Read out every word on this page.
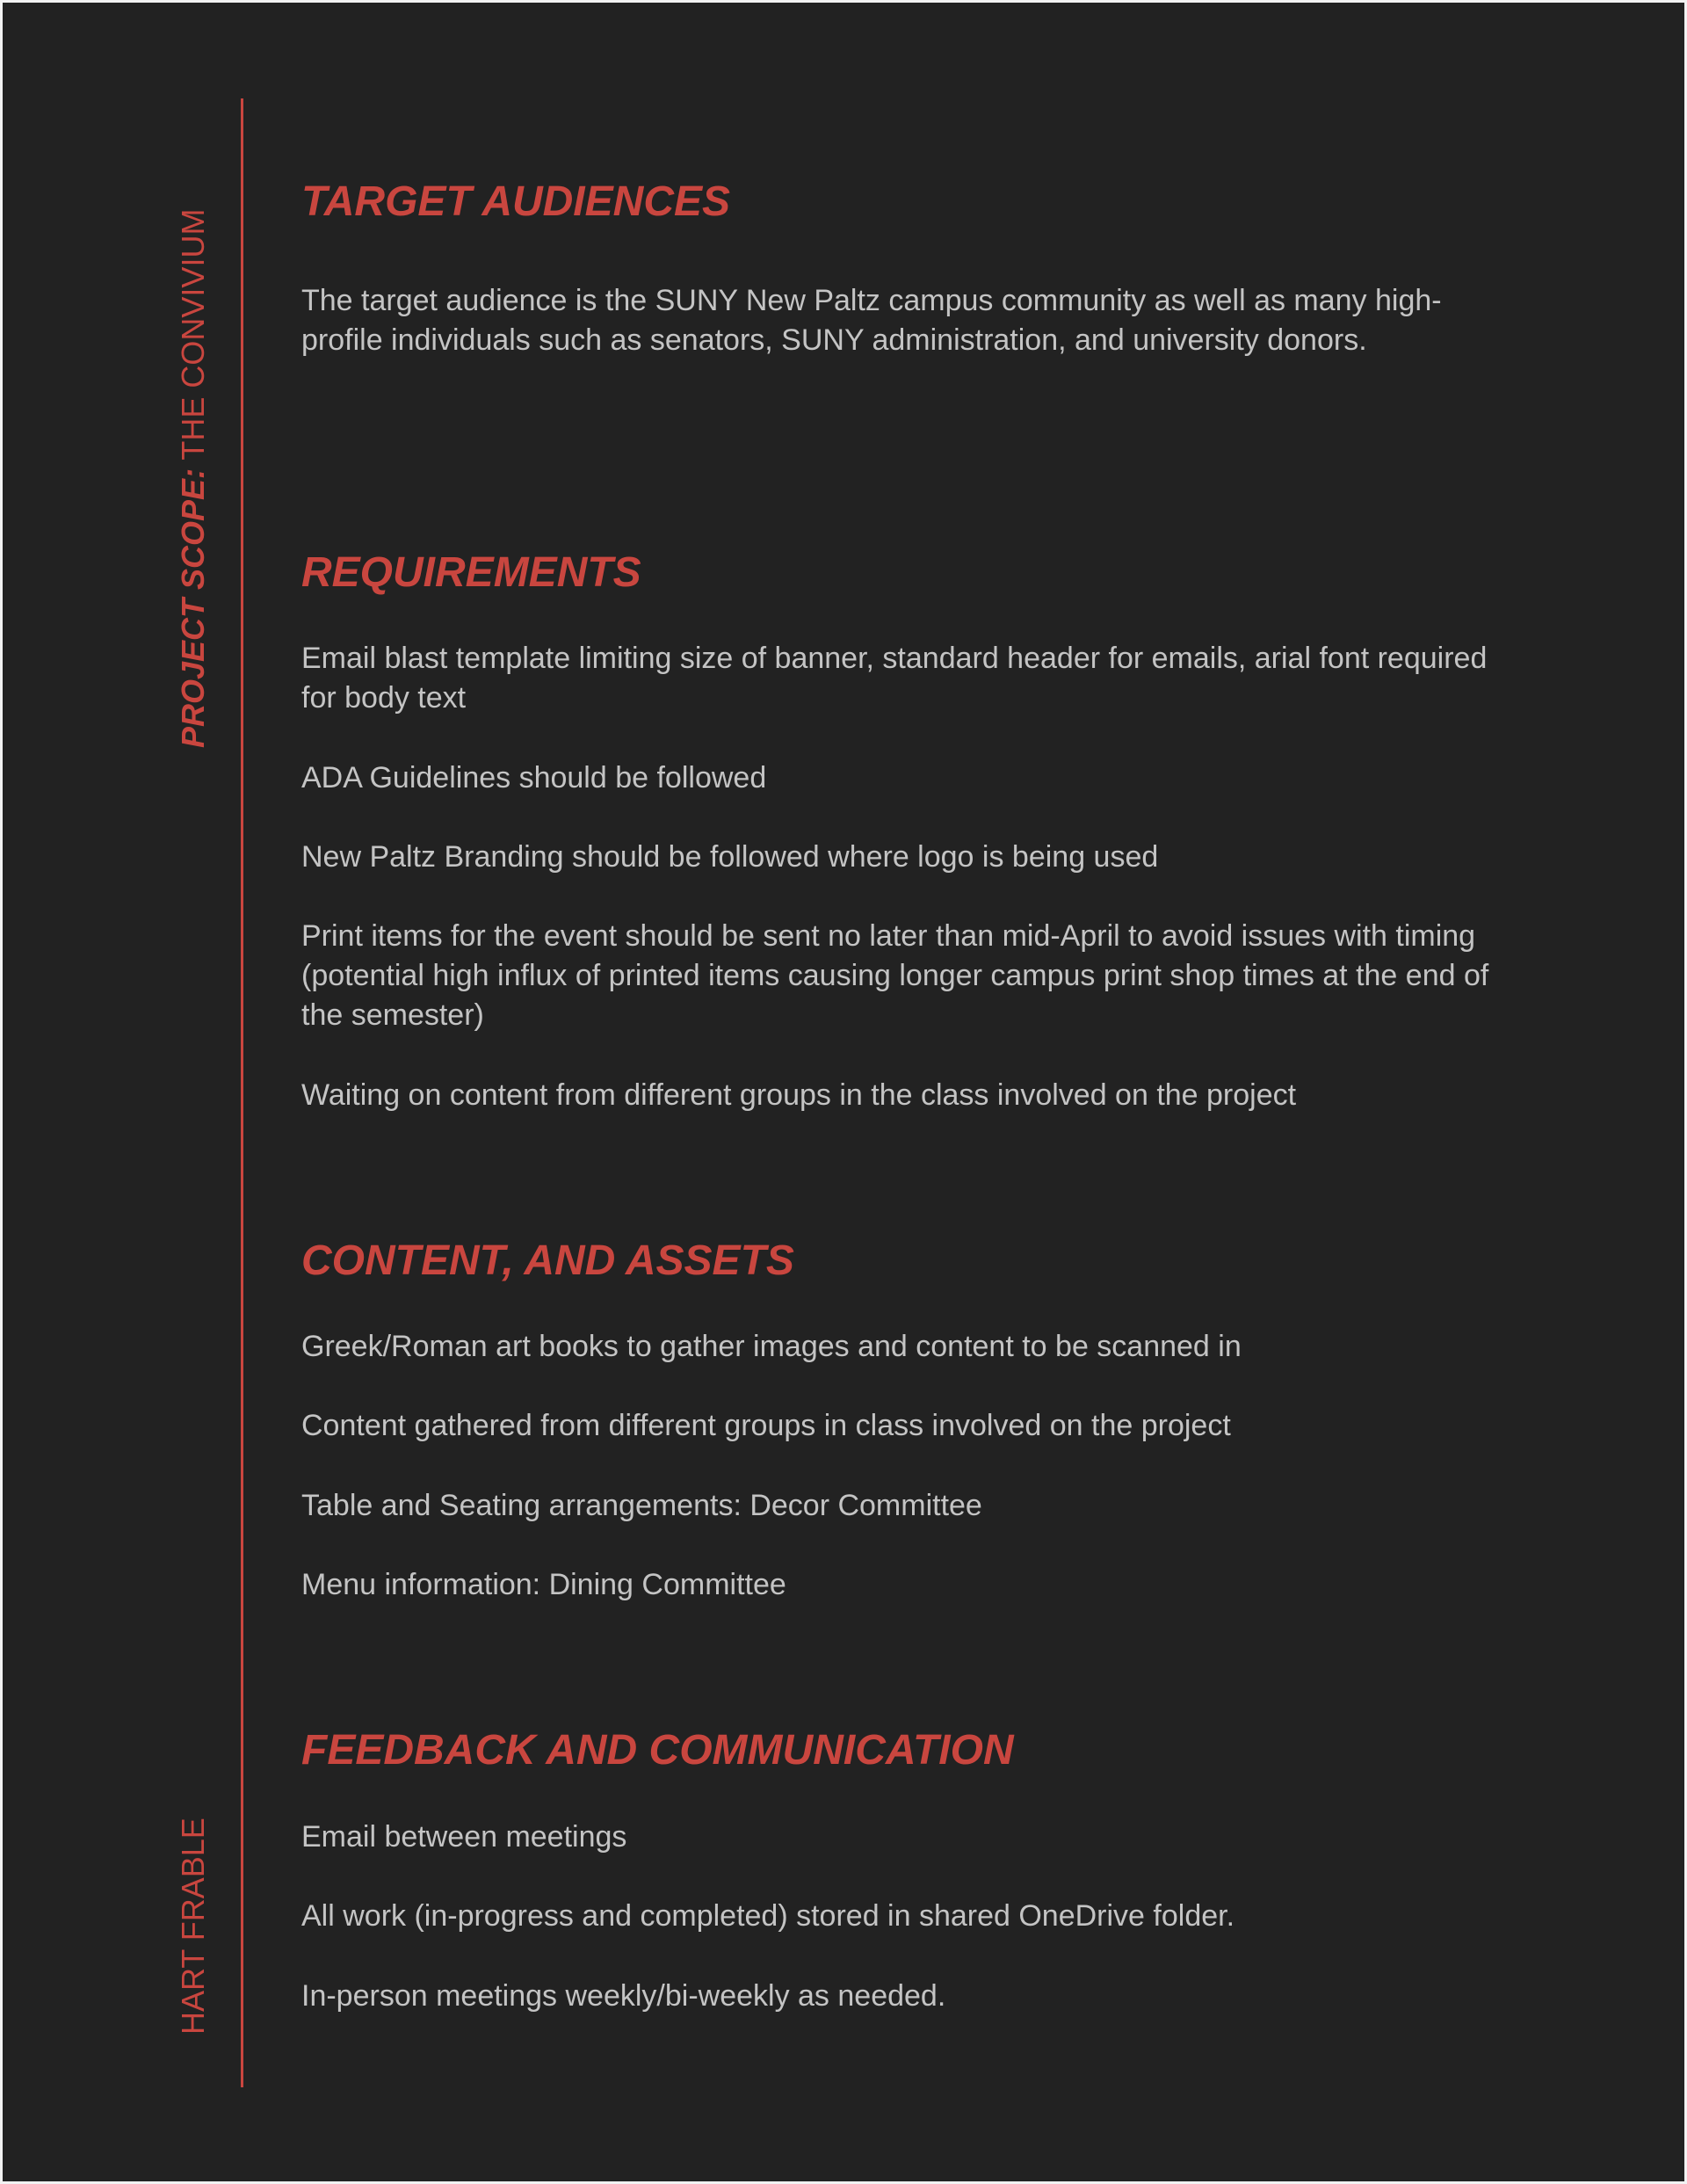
PROJECT SCOPE: THE CONVIVIUM
HART FRABLE
TARGET AUDIENCES

The target audience is the SUNY New Paltz campus community as well as many high-profile individuals such as senators, SUNY administration, and university donors.

REQUIREMENTS

Email blast template limiting size of banner, standard header for emails, arial font required for body text

ADA Guidelines should be followed

New Paltz Branding should be followed where logo is being used

Print items for the event should be sent no later than mid-April to avoid issues with timing (potential high influx of printed items causing longer campus print shop times at the end of the semester)

Waiting on content from different groups in the class involved on the project

CONTENT, AND ASSETS

Greek/Roman art books to gather images and content to be scanned in

Content gathered from different groups in class involved on the project

Table and Seating arrangements: Decor Committee

Menu information: Dining Committee

FEEDBACK AND COMMUNICATION

Email between meetings

All work (in-progress and completed) stored in shared OneDrive folder.

In-person meetings weekly/bi-weekly as needed.
